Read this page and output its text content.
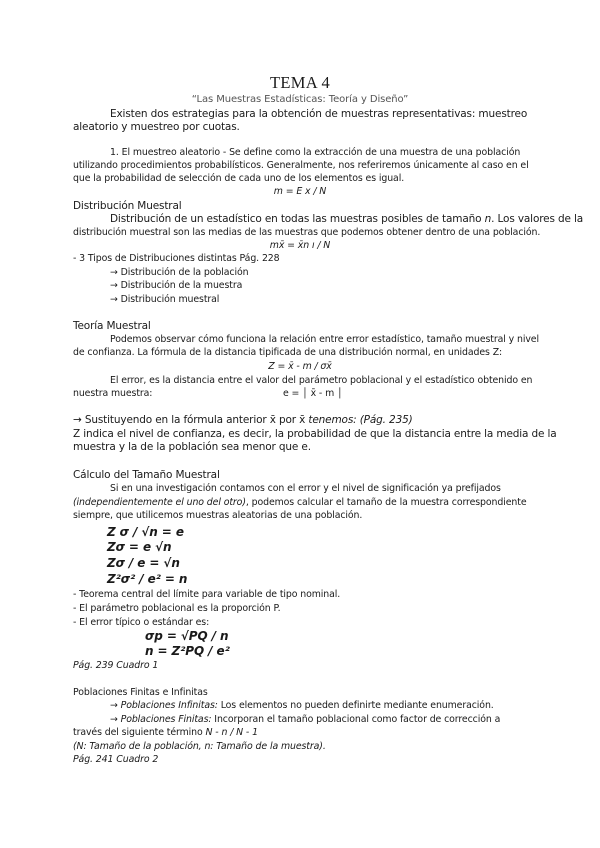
TEMA 4
“Las Muestras Estadísticas: Teoría y Diseño”
Existen dos estrategias para la obtención de muestras representativas: muestreo
aleatorio y muestreo por cuotas.
1. El muestreo aleatorio - Se define como la extracción de una muestra de una población
utilizando procedimientos probabilísticos. Generalmente, nos referiremos únicamente al caso en el
que la probabilidad de selección de cada uno de los elementos es igual.
m = E x / N
Distribución Muestral
Distribución de un estadístico en todas las muestras posibles de tamaño n. Los valores de la
distribución muestral son las medias de las muestras que podemos obtener dentro de una población.
mx̄ = x̄n ı / N
- 3 Tipos de Distribuciones distintas Pág. 228
→ Distribución de la población
→ Distribución de la muestra
→ Distribución muestral
Teoría Muestral
Podemos observar cómo funciona la relación entre error estadístico, tamaño muestral y nivel
de confianza. La fórmula de la distancia tipificada de una distribución normal, en unidades Z:
Z = x̄ - m / σx̄
El error, es la distancia entre el valor del parámetro poblacional y el estadístico obtenido en
nuestra muestra:	e = │ x̄ - m │
→ Sustituyendo en la fórmula anterior x̄ por x̄ tenemos: (Pág. 235)
Z indica el nivel de confianza, es decir, la probabilidad de que la distancia entre la media de la
muestra y la de la población sea menor que e.
Cálculo del Tamaño Muestral
Si en una investigación contamos con el error y el nivel de significación ya prefijados
(independientemente el uno del otro), podemos calcular el tamaño de la muestra correspondiente
siempre, que utilicemos muestras aleatorias de una población.
Z σ / √n = e
Zσ = e √n
Zσ / e = √n
Z²σ² / e² = n
- Teorema central del límite para variable de tipo nominal.
- El parámetro poblacional es la proporción P.
- El error típico o estándar es:
σp = √PQ / n
n = Z²PQ / e²
Pág. 239 Cuadro 1
Poblaciones Finitas e Infinitas
→ Poblaciones Infinitas: Los elementos no pueden definirte mediante enumeración.
→ Poblaciones Finitas: Incorporan el tamaño poblacional como factor de corrección a
través del siguiente término N - n / N - 1
(N: Tamaño de la población, n: Tamaño de la muestra).
Pág. 241 Cuadro 2
